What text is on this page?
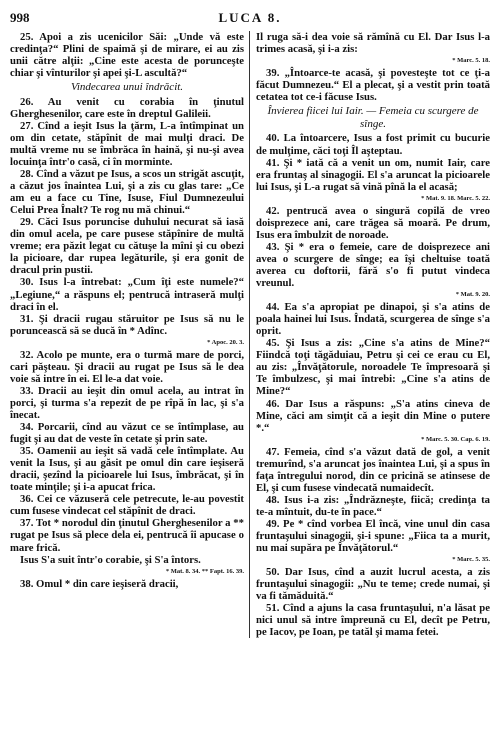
998	LUCA 8.
25. Apoi a zis ucenicilor Săi: „Unde vă este credinţa?“ Plini de spaimă şi de mirare, ei au zis unii către alţii: „Cine este acesta de porunceşte chiar şi vînturilor şi apei şi-L ascultă?“
Vindecarea unui îndrăcit.
26. Au venit cu corabia în ţinutul Gherghesenilor, care este în dreptul Galileii.
27. Cînd a ieşit Isus la ţărm, L-a întîmpinat un om din cetate, stăpînit de mai mulţi draci. De multă vreme nu se îmbrăca în haină, şi nu-şi avea locuinţa într'o casă, ci în morminte.
28. Cînd a văzut pe Isus, a scos un strigăt ascuţit, a căzut jos înaintea Lui, şi a zis cu glas tare: „Ce am eu a face cu Tine, Isuse, Fiul Dumnezeului Celui Preа Înalt? Te rog nu mă chinui.“
29. Căci Isus poruncise duhului necurat să iasă din omul acela, pe care pusese stăpînire de multă vreme; era păzit legat cu cătuşe la mîni şi cu obezi la picioare, dar rupea legăturile, şi era gonit de dracul prin pustii.
30. Isus l-a întrebat: „Cum îţi este numele?“ „Legiune,“ a răspuns el; pentrucă intraseră mulţi draci în el.
31. Şi dracii rugau stăruitor pe Isus să nu le poruncească să se ducă în * Adînc.
* Apoc. 20. 3.
32. Acolo pe munte, era o turmă mare de porci, cari păşteau. Şi dracii au rugat pe Isus să le dea voie să intre în ei. El le-a dat voie.
33. Dracii au ieşit din omul acela, au intrat în porci, şi turma s'a repezit de pe rîpă în lac, şi s'a înecat.
34. Porcarii, cînd au văzut ce se întîmplase, au fugit şi au dat de veste în cetate şi prin sate.
35. Oamenii au ieşit să vadă cele întîmplate. Au venit la Isus, şi au găsit pe omul din care ieşiseră dracii, şezînd la picioarele lui Isus, îmbrăcat, şi în toate minţile; şi i-a apucat frica.
36. Cei ce văzuseră cele petrecute, le-au povestit cum fusese vindecat cel stăpînit de draci.
37. Tot * norodul din ţinutul Gherghesenilor a ** rugat pe Isus să plece dela ei, pentrucă îi apucase o mare frică.
Isus S'a suit într'o corabie, şi S'a întors.
* Mat. 8. 34. ** Fapt. 16. 39.
38. Omul * din care ieşiseră dracii,
Il ruga să-i dea voie să rămînă cu El. Dar Isus l-a trimes acasă, şi i-a zis:
* Marc. 5. 18.
39. „Întoarce-te acasă, şi povesteşte tot ce ţi-a făcut Dumnezeu.“ El a plecat, şi a vestit prin toată cetatea tot ce-i făcuse Isus.
Învierea fiicei lui Iair. — Femeia cu scurgere de sînge.
40. La întoarcere, Isus a fost primit cu bucurie de mulţime, căci toţi Îl aşteptau.
41. Şi * iată că a venit un om, numit Iair, care era fruntaş al sinagogii. El s'a aruncat la picioarele lui Isus, şi L-a rugat să vină pînă la el acasă;
* Mat. 9. 18. Marc. 5. 22.
42. pentrucă avea o singură copilă de vreo doisprezece ani, care trăgea să moară. Pe drum, Isus era îmbulzit de noroade.
43. Şi * era o femeie, care de doisprezece ani avea o scurgere de sînge; ea îşi cheltuise toată averea cu doftorii, fără s'o fi putut vindeca vreunul.
* Mat. 9. 20.
44. Ea s'a apropiat pe dinapoi, şi s'a atins de poala hainei lui Isus. Îndată, scurgerea de sînge s'a oprit.
45. Şi Isus a zis: „Cine s'a atins de Mine?“ Fiindcă toţi tăgăduiau, Petru şi cei ce erau cu El, au zis: „Învăţătorule, noroadele Te împresoară şi Te îmbulzesc, şi mai întrebi: „Cine s'a atins de Mine?“
46. Dar Isus a răspuns: „S'a atins cineva de Mine, căci am simţit că a ieşit din Mine o putere *.“
* Marc. 5. 30. Cap. 6. 19.
47. Femeia, cînd s'a văzut dată de gol, a venit tremurînd, s'a aruncat jos înaintea Lui, şi a spus în faţa întregului norod, din ce pricină se atinsese de El, şi cum fusese vindecată numaidecît.
48. Isus i-a zis: „Îndrăzneşte, fiică; credinţa ta te-a mîntuit, du-te în pace.“
49. Pe * cînd vorbea El încă, vine unul din casa fruntaşului sinagogii, şi-i spune: „Fiica ta a murit, nu mai supăra pe Învăţătorul.“
* Marc. 5. 35.
50. Dar Isus, cînd a auzit lucrul acesta, a zis fruntaşului sinagogii: „Nu te teme; crede numai, şi va fi tămăduită.“
51. Cînd a ajuns la casa fruntaşului, n'a lăsat pe nici unul să intre împreună cu El, decît pe Petru, pe Iacov, pe Ioan, pe tatăl şi mama fetei.
